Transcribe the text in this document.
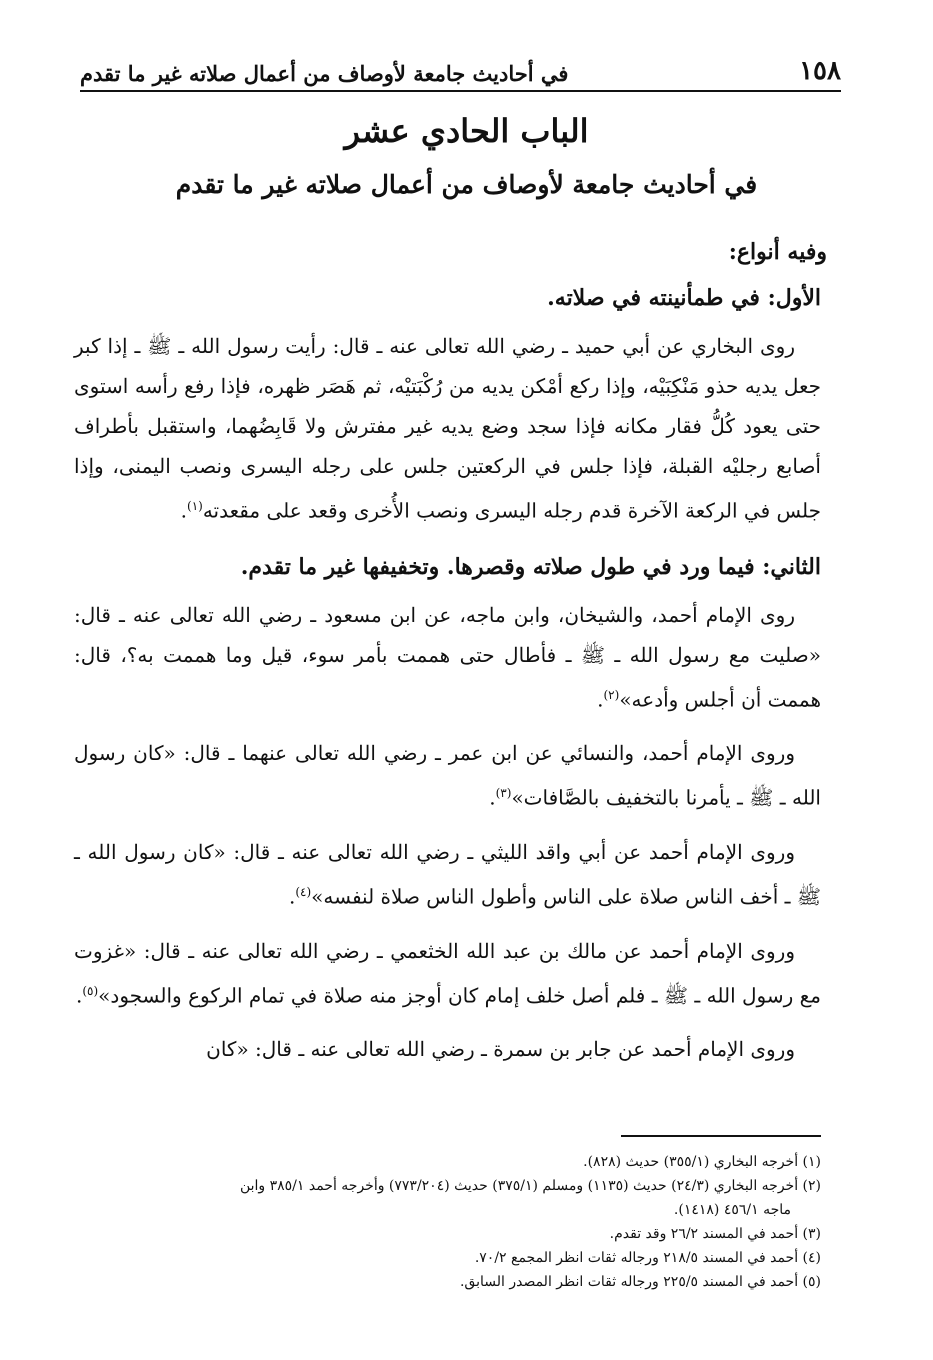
١٥٨
في أحاديث جامعة لأوصاف من أعمال صلاته غير ما تقدم
الباب الحادي عشر
في أحاديث جامعة لأوصاف من أعمال صلاته غير ما تقدم

وفيه أنواع:

الأول: في طمأنينته في صلاته.

روى البخاري عن أبي حميد ـ رضي الله تعالى عنه ـ قال: رأيت رسول الله ـ ﷺ ـ إذا كبر جعل يديه حذو مَنْكِبَيْه، وإذا ركع أمْكن يديه من رُكْبَتيْه، ثم هَصَر ظهره، فإذا رفع رأسه استوى حتى يعود كُلُّ فقار مكانه فإذا سجد وضع يديه غير مفترش ولا قَابِضُهما، واستقبل بأطراف أصابع رجليْه القبلة، فإذا جلس في الركعتين جلس على رجله اليسرى ونصب اليمنى، وإذا جلس في الركعة الآخرة قدم رجله اليسرى ونصب الأُخرى وقعد على مقعدته$^{(١)}$.

الثاني: فيما ورد في طول صلاته وقصرها. وتخفيفها غير ما تقدم.

روى الإمام أحمد، والشيخان، وابن ماجه، عن ابن مسعود ـ رضي الله تعالى عنه ـ قال: «صليت مع رسول الله ـ ﷺ ـ فأطال حتى هممت بأمر سوء، قيل وما هممت به؟، قال: هممت أن أجلس وأدعه»$^{(٢)}$.

وروى الإمام أحمد، والنسائي عن ابن عمر ـ رضي الله تعالى عنهما ـ قال: «كان رسول الله ـ ﷺ ـ يأمرنا بالتخفيف بالصَّافات»$^{(٣)}$.

وروى الإمام أحمد عن أبي واقد الليثي ـ رضي الله تعالى عنه ـ قال: «كان رسول الله ـ ﷺ ـ أخف الناس صلاة على الناس وأطول الناس صلاة لنفسه»$^{(٤)}$.

وروى الإمام أحمد عن مالك بن عبد الله الخثعمي ـ رضي الله تعالى عنه ـ قال: «غزوت مع رسول الله ـ ﷺ ـ فلم أصل خلف إمام كان أوجز منه صلاة في تمام الركوع والسجود»$^{(٥)}$.

وروى الإمام أحمد عن جابر بن سمرة ـ رضي الله تعالى عنه ـ قال: «كان

(١) أخرجه البخاري (٣٥٥/١) حديث (٨٢٨).

(٢) أخرجه البخاري (٢٤/٣) حديث (١١٣٥) ومسلم (٣٧٥/١) حديث (٧٧٣/٢٠٤) وأخرجه أحمد ٣٨٥/١ وابن
ماجه ٤٥٦/١ (١٤١٨).

(٣) أحمد في المسند ٢٦/٢ وقد تقدم.

(٤) أحمد في المسند ٢١٨/٥ ورجاله ثقات انظر المجمع ٧٠/٢.

(٥) أحمد في المسند ٢٢٥/٥ ورجاله ثقات انظر المصدر السابق.
